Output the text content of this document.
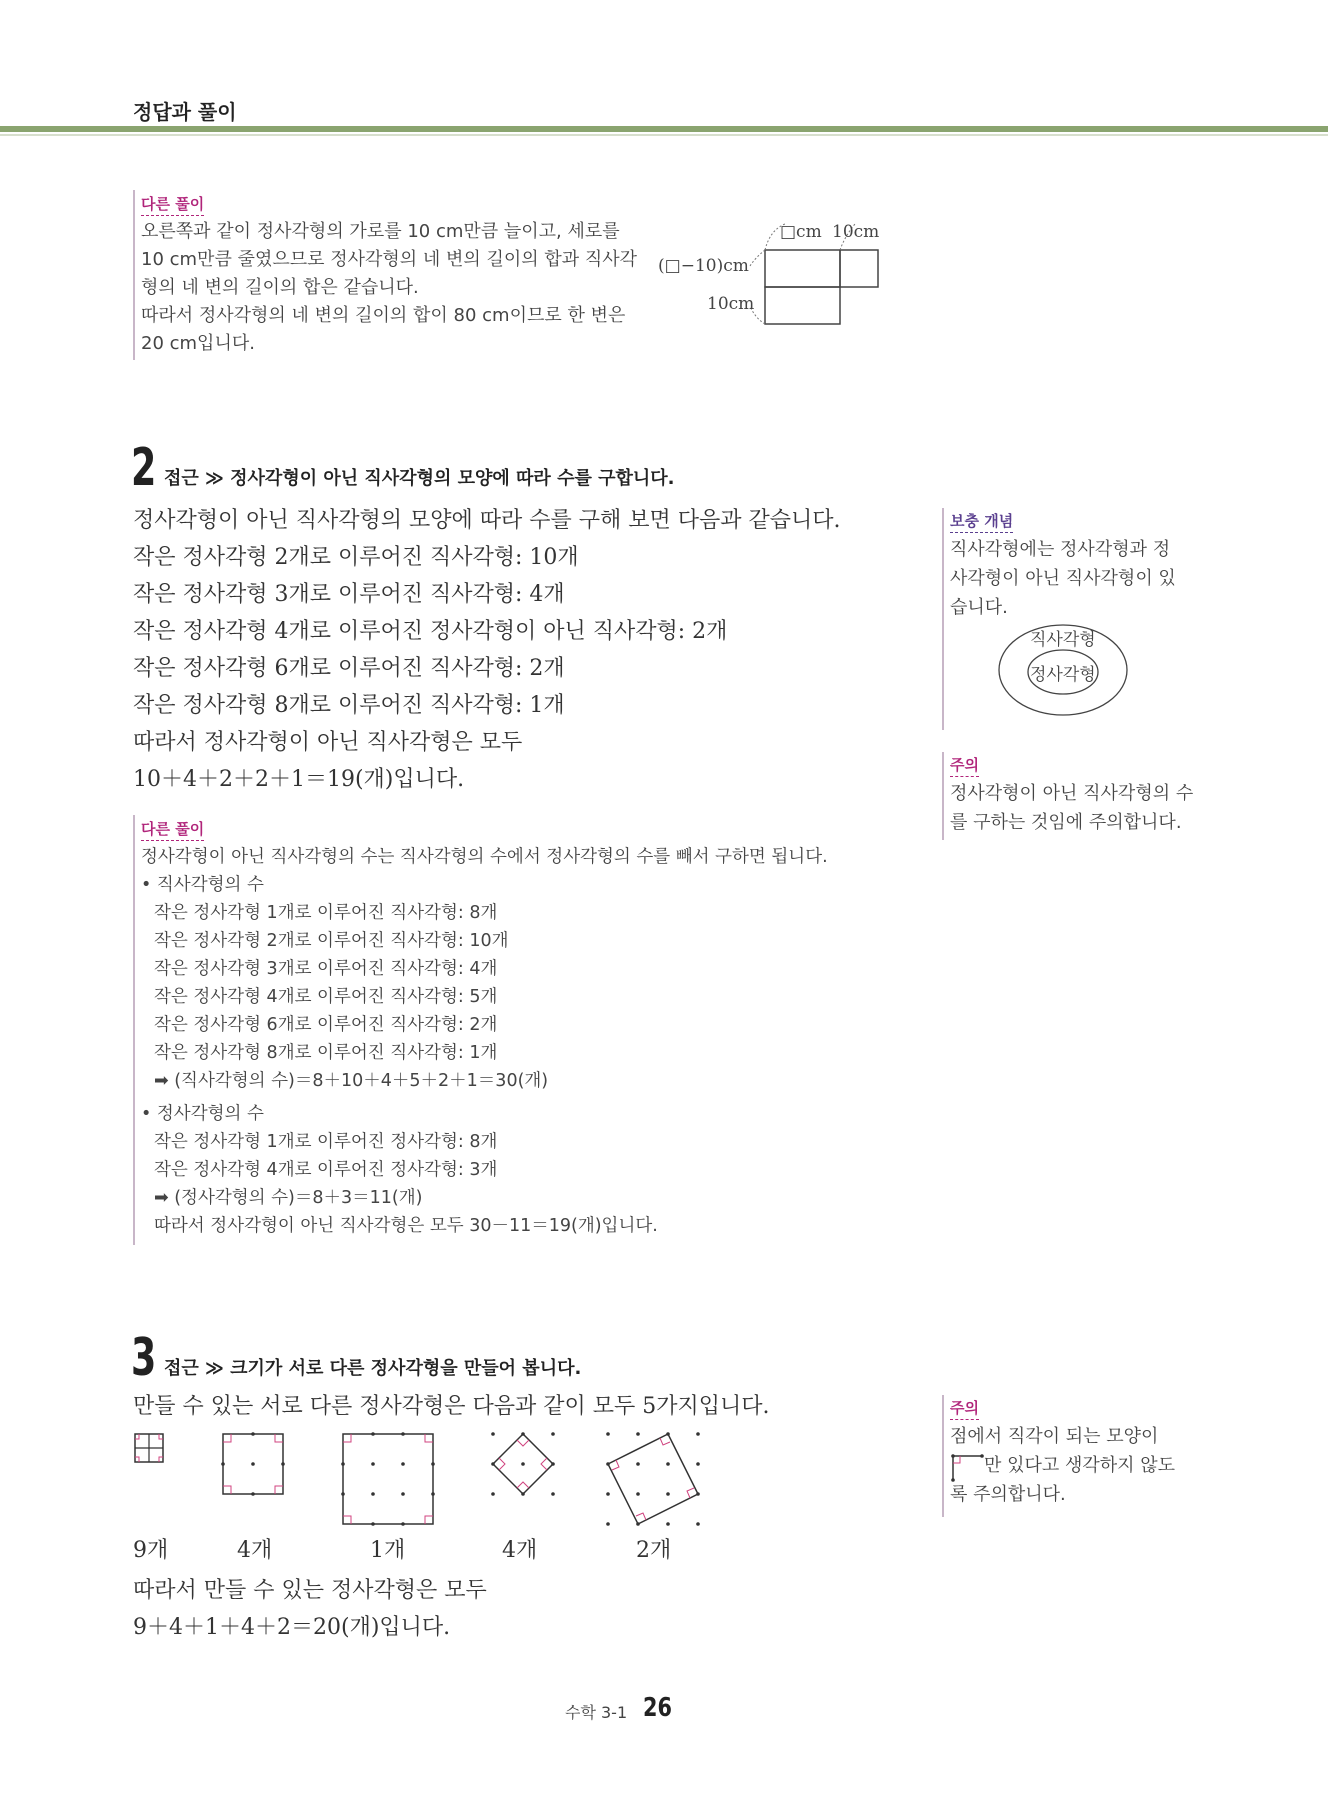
정답과 풀이
다른 풀이
오른쪽과 같이 정사각형의 가로를 10 cm만큼 늘이고, 세로를
10 cm만큼 줄였으므로 정사각형의 네 변의 길이의 합과 직사각
형의 네 변의 길이의 합은 같습니다.
따라서 정사각형의 네 변의 길이의 합이 80 cm이므로 한 변은
20 cm입니다.
□cm 10cm
(□−10)cm
10cm
2 접근 ≫ 정사각형이 아닌 직사각형의 모양에 따라 수를 구합니다.
정사각형이 아닌 직사각형의 모양에 따라 수를 구해 보면 다음과 같습니다.
작은 정사각형 2개로 이루어진 직사각형: 10개
작은 정사각형 3개로 이루어진 직사각형: 4개
작은 정사각형 4개로 이루어진 정사각형이 아닌 직사각형: 2개
작은 정사각형 6개로 이루어진 직사각형: 2개
작은 정사각형 8개로 이루어진 직사각형: 1개
따라서 정사각형이 아닌 직사각형은 모두
10＋4＋2＋2＋1＝19(개)입니다.
다른 풀이
정사각형이 아닌 직사각형의 수는 직사각형의 수에서 정사각형의 수를 빼서 구하면 됩니다.
• 직사각형의 수
작은 정사각형 1개로 이루어진 직사각형: 8개
작은 정사각형 2개로 이루어진 직사각형: 10개
작은 정사각형 3개로 이루어진 직사각형: 4개
작은 정사각형 4개로 이루어진 직사각형: 5개
작은 정사각형 6개로 이루어진 직사각형: 2개
작은 정사각형 8개로 이루어진 직사각형: 1개
➡ (직사각형의 수)＝8＋10＋4＋5＋2＋1＝30(개)
• 정사각형의 수
작은 정사각형 1개로 이루어진 정사각형: 8개
작은 정사각형 4개로 이루어진 정사각형: 3개
➡ (정사각형의 수)＝8＋3＝11(개)
따라서 정사각형이 아닌 직사각형은 모두 30－11＝19(개)입니다.
보충 개념
직사각형에는 정사각형과 정
사각형이 아닌 직사각형이 있
습니다.
직사각형
정사각형
주의
정사각형이 아닌 직사각형의 수
를 구하는 것임에 주의합니다.
3 접근 ≫ 크기가 서로 다른 정사각형을 만들어 봅니다.
만들 수 있는 서로 다른 정사각형은 다음과 같이 모두 5가지입니다.
9개	4개	1개	4개	2개
따라서 만들 수 있는 정사각형은 모두
9＋4＋1＋4＋2＝20(개)입니다.
주의
점에서 직각이 되는 모양이
만 있다고 생각하지 않도
록 주의합니다.
수학 3-1 26
